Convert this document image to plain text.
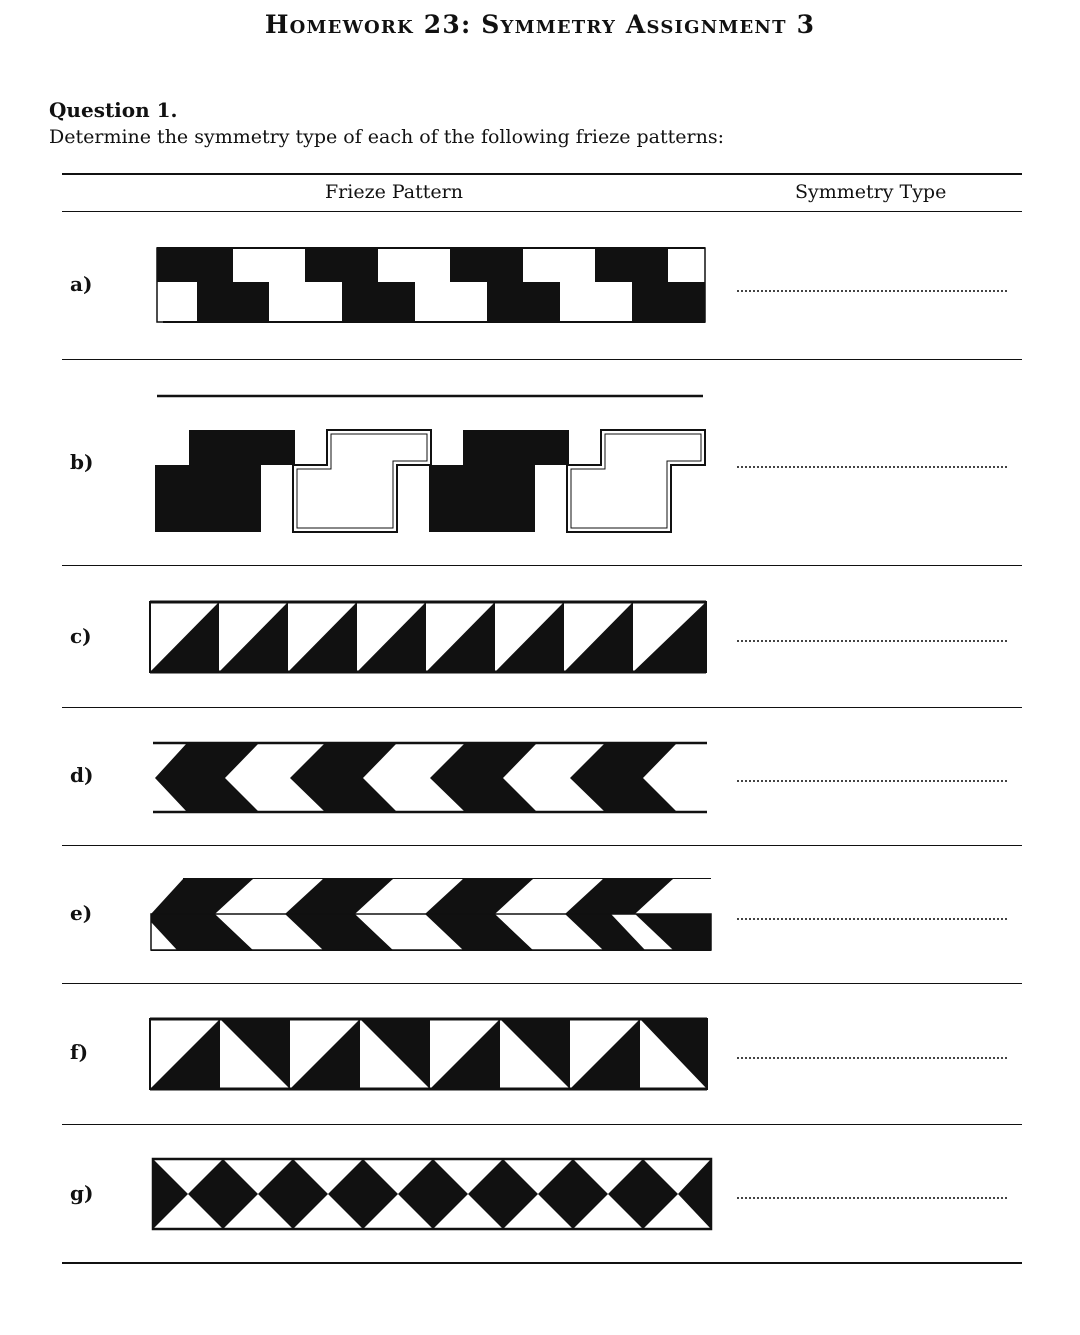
Homework 23: Symmetry Assignment 3
Question 1.
Determine the symmetry type of each of the following frieze patterns:
Frieze Pattern	Symmetry Type
a)
b)
c)
d)
e)
f)
g)
